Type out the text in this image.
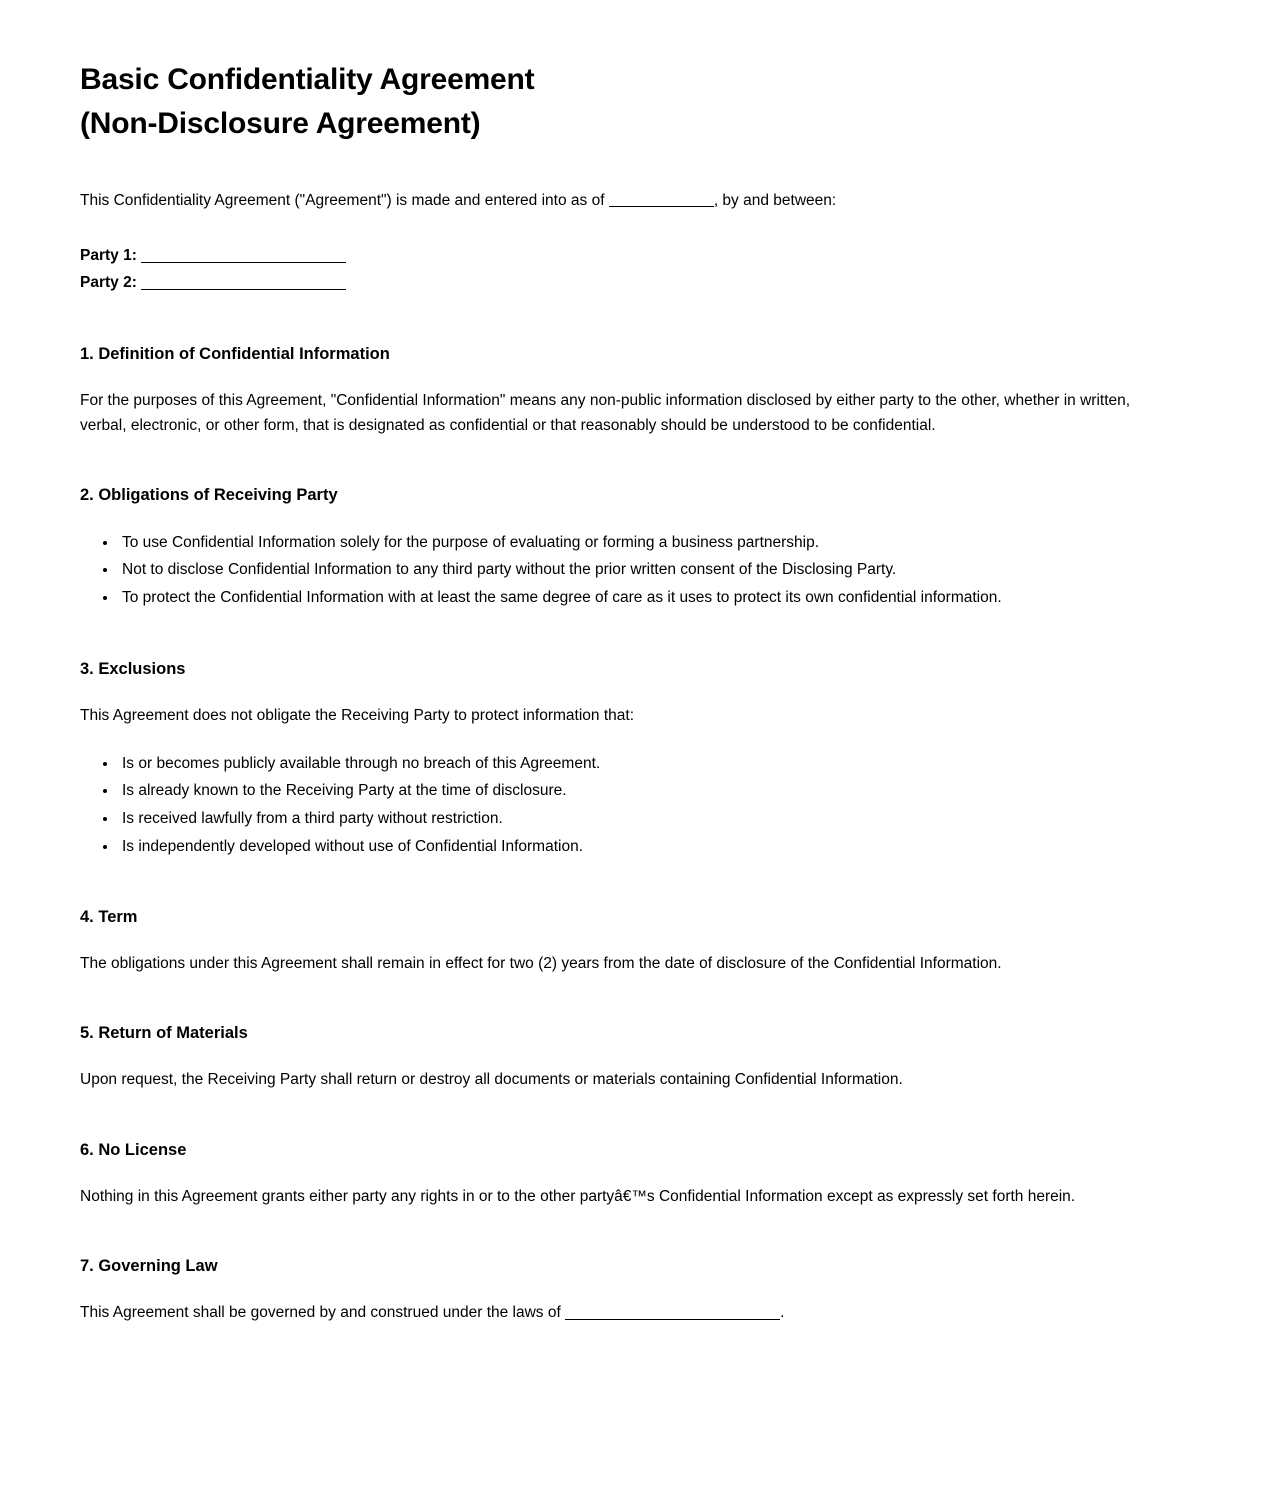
Basic Confidentiality Agreement
(Non-Disclosure Agreement)

This Confidentiality Agreement ("Agreement") is made and entered into as of	, by and between:

Party 1:
Party 2:
1. Definition of Confidential Information

For the purposes of this Agreement, "Confidential Information" means any non-public information disclosed by either party to the other, whether in written, verbal, electronic, or other form, that is designated as confidential or that reasonably should be understood to be confidential.

2. Obligations of Receiving Party
• To use Confidential Information solely for the purpose of evaluating or forming a business partnership.
• Not to disclose Confidential Information to any third party without the prior written consent of the Disclosing Party.
• To protect the Confidential Information with at least the same degree of care as it uses to protect its own confidential information.
3. Exclusions

This Agreement does not obligate the Receiving Party to protect information that:

• Is or becomes publicly available through no breach of this Agreement.
• Is already known to the Receiving Party at the time of disclosure.
• Is received lawfully from a third party without restriction.
• Is independently developed without use of Confidential Information.
4. Term

The obligations under this Agreement shall remain in effect for two (2) years from the date of disclosure of the Confidential Information.

5. Return of Materials

Upon request, the Receiving Party shall return or destroy all documents or materials containing Confidential Information.

6. No License

Nothing in this Agreement grants either party any rights in or to the other partyâ€™s Confidential Information except as expressly set forth herein.

7. Governing Law

This Agreement shall be governed by and construed under the laws of	.
